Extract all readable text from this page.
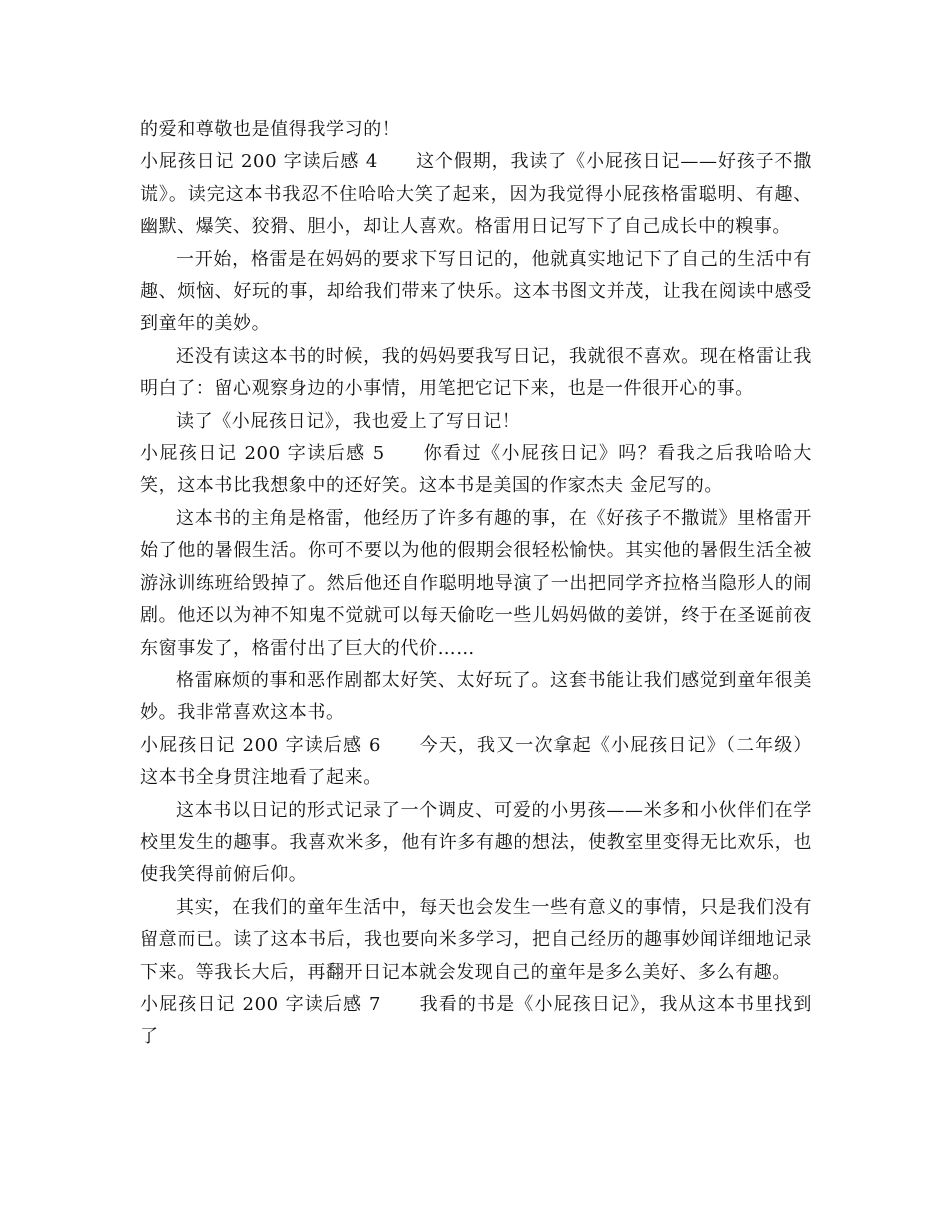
的爱和尊敬也是值得我学习的！

小屁孩日记 200 字读后感 4 这个假期，我读了《小屁孩日记——好孩子不撒谎》。读完这本书我忍不住哈哈大笑了起来，因为我觉得小屁孩格雷聪明、有趣、幽默、爆笑、狡猾、胆小，却让人喜欢。格雷用日记写下了自己成长中的糗事。

一开始，格雷是在妈妈的要求下写日记的，他就真实地记下了自己的生活中有趣、烦恼、好玩的事，却给我们带来了快乐。这本书图文并茂，让我在阅读中感受到童年的美妙。

还没有读这本书的时候，我的妈妈要我写日记，我就很不喜欢。现在格雷让我明白了：留心观察身边的小事情，用笔把它记下来，也是一件很开心的事。

读了《小屁孩日记》，我也爱上了写日记！

小屁孩日记 200 字读后感 5 你看过《小屁孩日记》吗？看我之后我哈哈大笑，这本书比我想象中的还好笑。这本书是美国的作家杰夫 金尼写的。

这本书的主角是格雷，他经历了许多有趣的事，在《好孩子不撒谎》里格雷开始了他的暑假生活。你可不要以为他的假期会很轻松愉快。其实他的暑假生活全被游泳训练班给毁掉了。然后他还自作聪明地导演了一出把同学齐拉格当隐形人的闹剧。他还以为神不知鬼不觉就可以每天偷吃一些儿妈妈做的姜饼，终于在圣诞前夜东窗事发了，格雷付出了巨大的代价……

格雷麻烦的事和恶作剧都太好笑、太好玩了。这套书能让我们感觉到童年很美妙。我非常喜欢这本书。

小屁孩日记 200 字读后感 6 今天，我又一次拿起《小屁孩日记》（二年级）这本书全身贯注地看了起来。

这本书以日记的形式记录了一个调皮、可爱的小男孩——米多和小伙伴们在学校里发生的趣事。我喜欢米多，他有许多有趣的想法，使教室里变得无比欢乐，也使我笑得前俯后仰。

其实，在我们的童年生活中，每天也会发生一些有意义的事情，只是我们没有留意而已。读了这本书后，我也要向米多学习，把自己经历的趣事妙闻详细地记录下来。等我长大后，再翻开日记本就会发现自己的童年是多么美好、多么有趣。

小屁孩日记 200 字读后感 7 我看的书是《小屁孩日记》，我从这本书里找到了
